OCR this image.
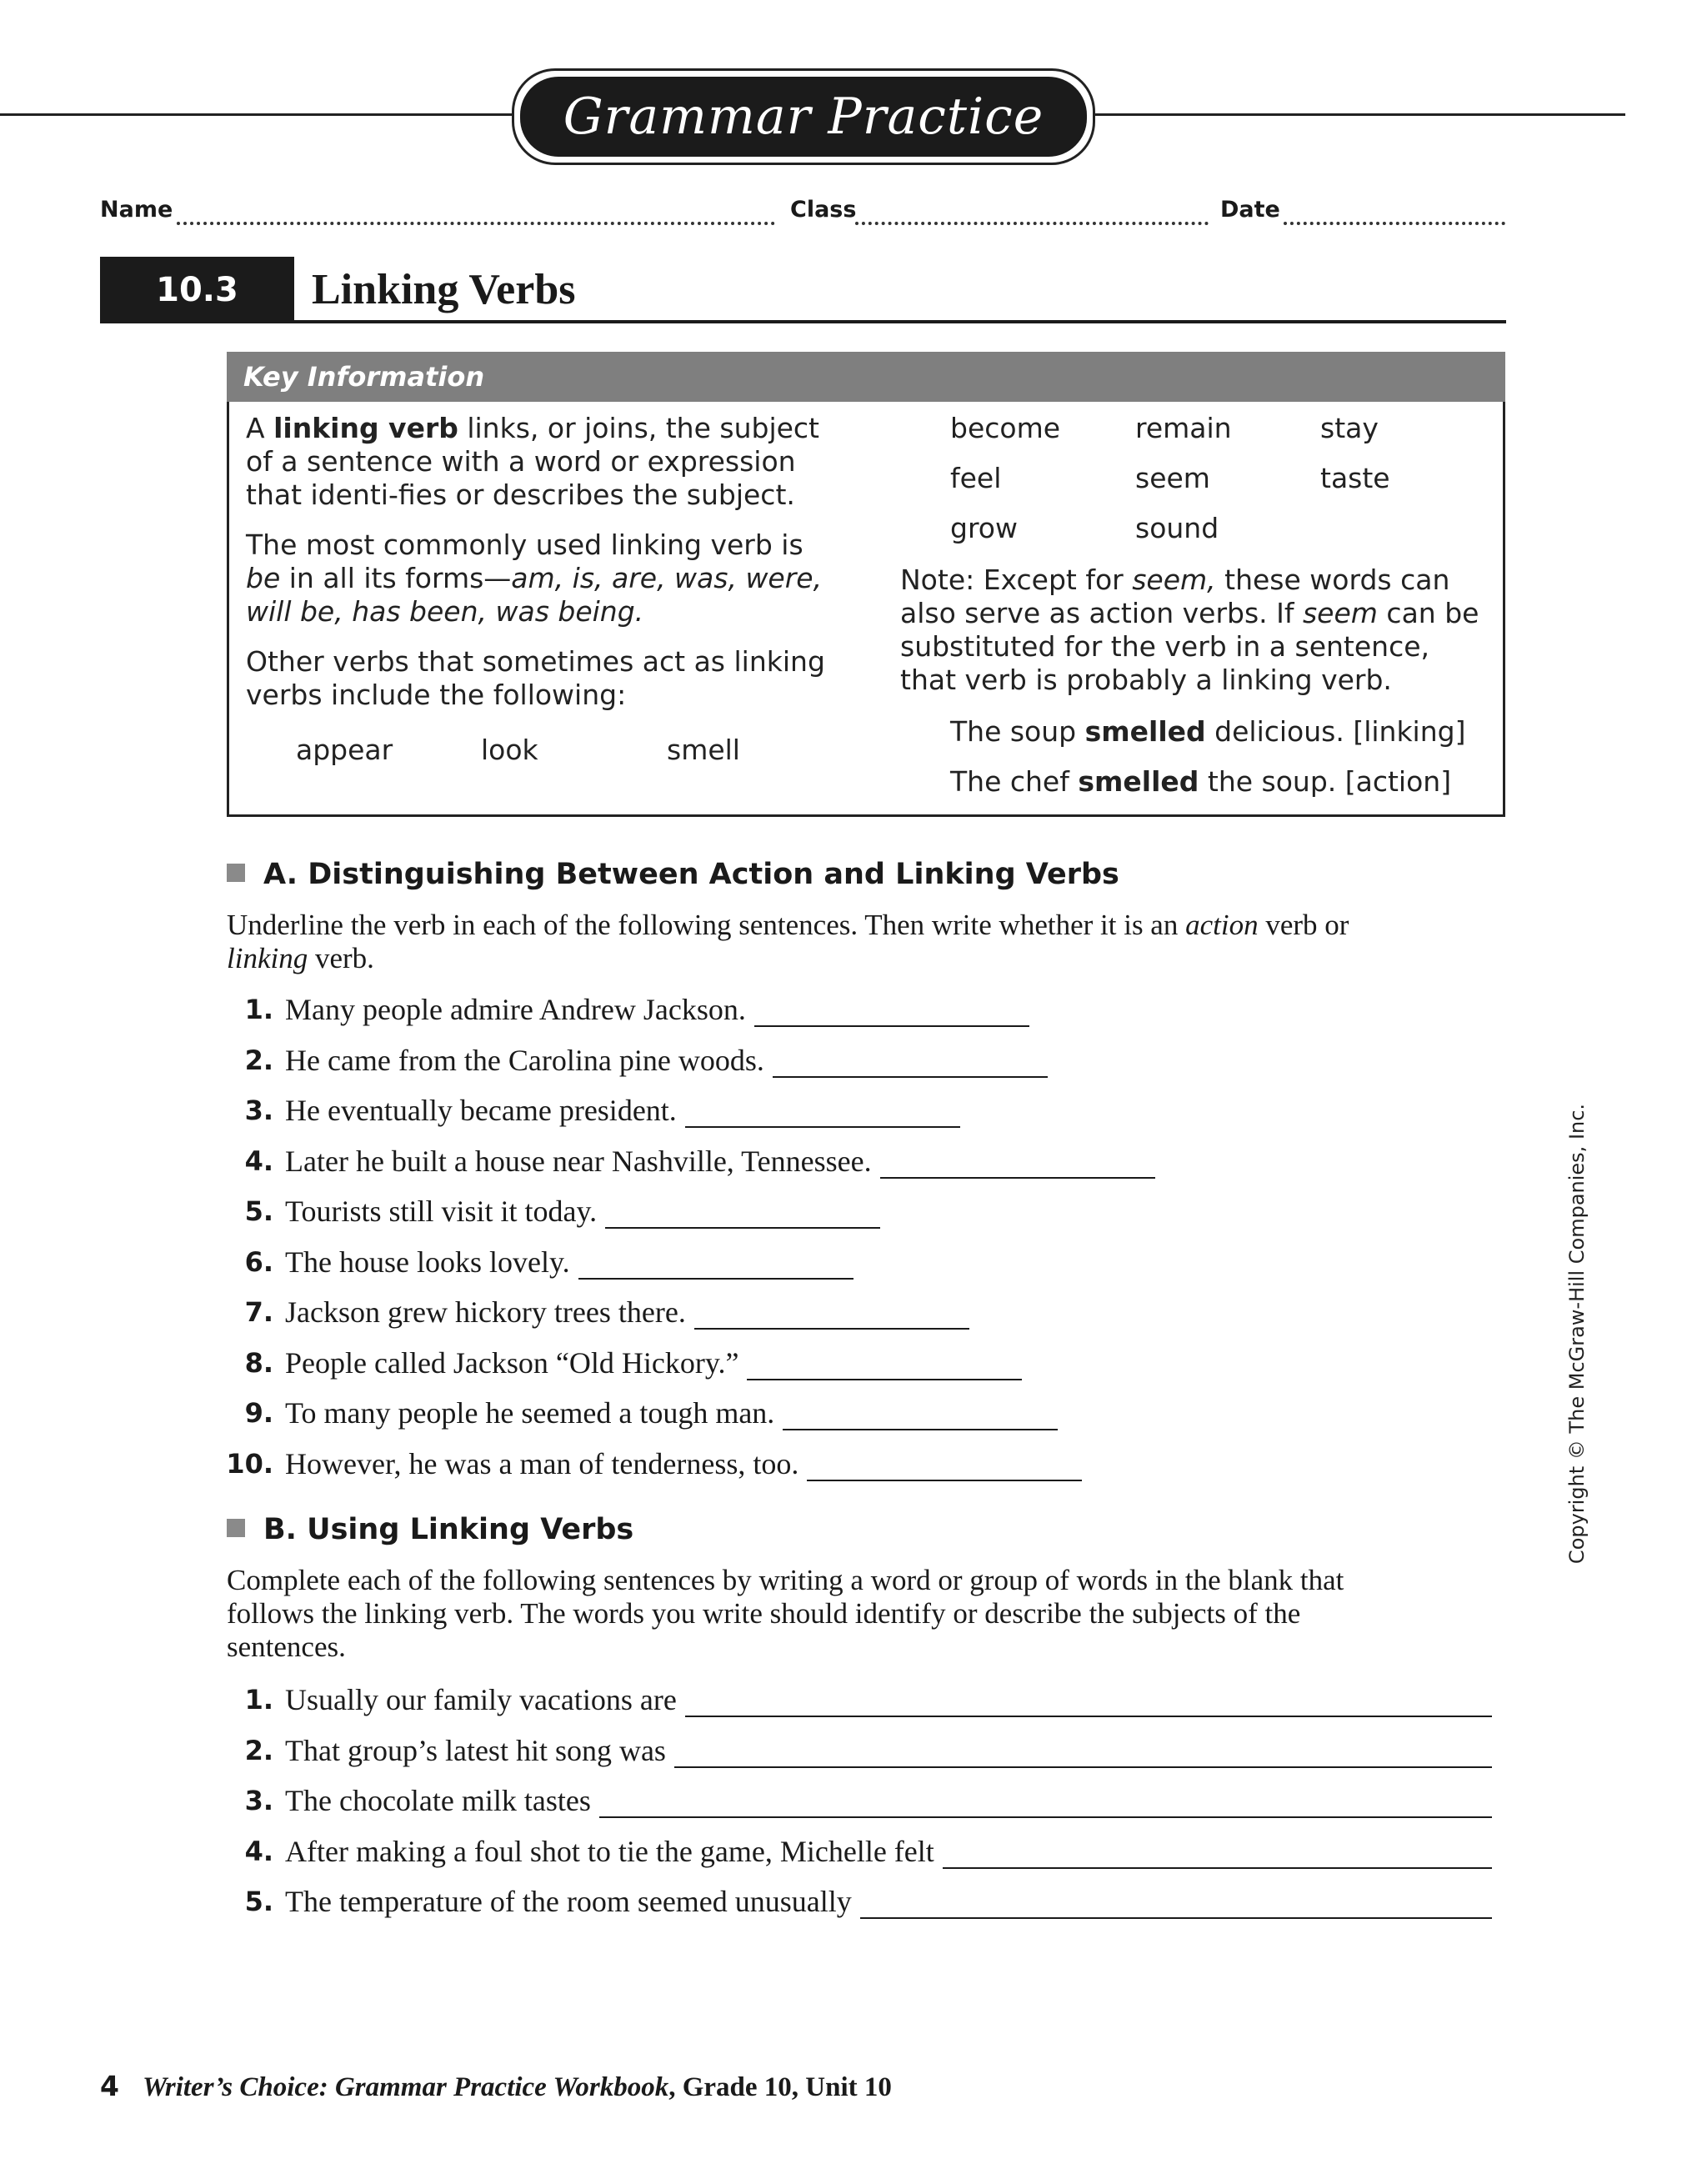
Grammar Practice
Name	Class	Date
10.3	Linking Verbs
Key Information

A linking verb links, or joins, the subject of a sentence with a word or expression that identi-fies or describes the subject.

The most commonly used linking verb is be in all its forms—am, is, are, was, were, will be, has been, was being.

Other verbs that sometimes act as linking verbs include the following:

appear	look	smell
become	remain	stay
feel	seem	taste
grow	sound
Note: Except for seem, these words can also serve as action verbs. If seem can be substituted for the verb in a sentence, that verb is probably a linking verb.
The soup smelled delicious. [linking]
The chef smelled the soup. [action]
A. Distinguishing Between Action and Linking Verbs
Underline the verb in each of the following sentences. Then write whether it is an action verb or linking verb.
1. Many people admire Andrew Jackson.
2. He came from the Carolina pine woods.
3. He eventually became president.
4. Later he built a house near Nashville, Tennessee.
5. Tourists still visit it today.
6. The house looks lovely.
7. Jackson grew hickory trees there.
8. People called Jackson “Old Hickory.”
9. To many people he seemed a tough man.
10. However, he was a man of tenderness, too.
B. Using Linking Verbs
Complete each of the following sentences by writing a word or group of words in the blank that follows the linking verb. The words you write should identify or describe the subjects of the sentences.
1. Usually our family vacations are
2. That group’s latest hit song was
3. The chocolate milk tastes
4. After making a foul shot to tie the game, Michelle felt
5. The temperature of the room seemed unusually
4 Writer’s Choice: Grammar Practice Workbook, Grade 10, Unit 10
Copyright © The McGraw-Hill Companies, Inc.
